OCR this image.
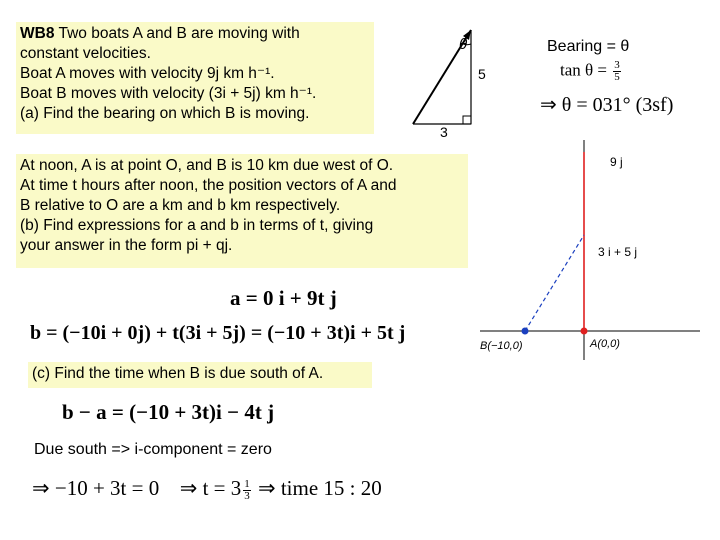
WB8 Two boats A and B are moving with

constant velocities.

Boat A moves with velocity 9j km h⁻¹.

Boat B moves with velocity (3i + 5j) km h⁻¹.

(a) Find the bearing on which B is moving.

θ
5
3
Bearing = θ
$\tan \theta = \frac{3}{5}$
⇒ θ = 031° (3sf)

At noon, A is at point O, and B is 10 km due west of O.

At time t hours after noon, the position vectors of A and

B relative to O are a km and b km respectively.

(b) Find expressions for a and b in terms of t, giving

your answer in the form pi + qj.

a = 0 i + 9t j
b = (−10i + 0j) + t(3i + 5j) = (−10 + 3t)i + 5t j

(c) Find the time when B is due south of A.

b − a = (−10 + 3t)i − 4t j
Due south => i-component = zero
⇒ −10 + 3t = 0 ⇒ $t = 3 \frac{1}{3}$ ⇒ time 15 : 20
9 j
3 i + 5 j
B(−10,0)	A(0,0)
